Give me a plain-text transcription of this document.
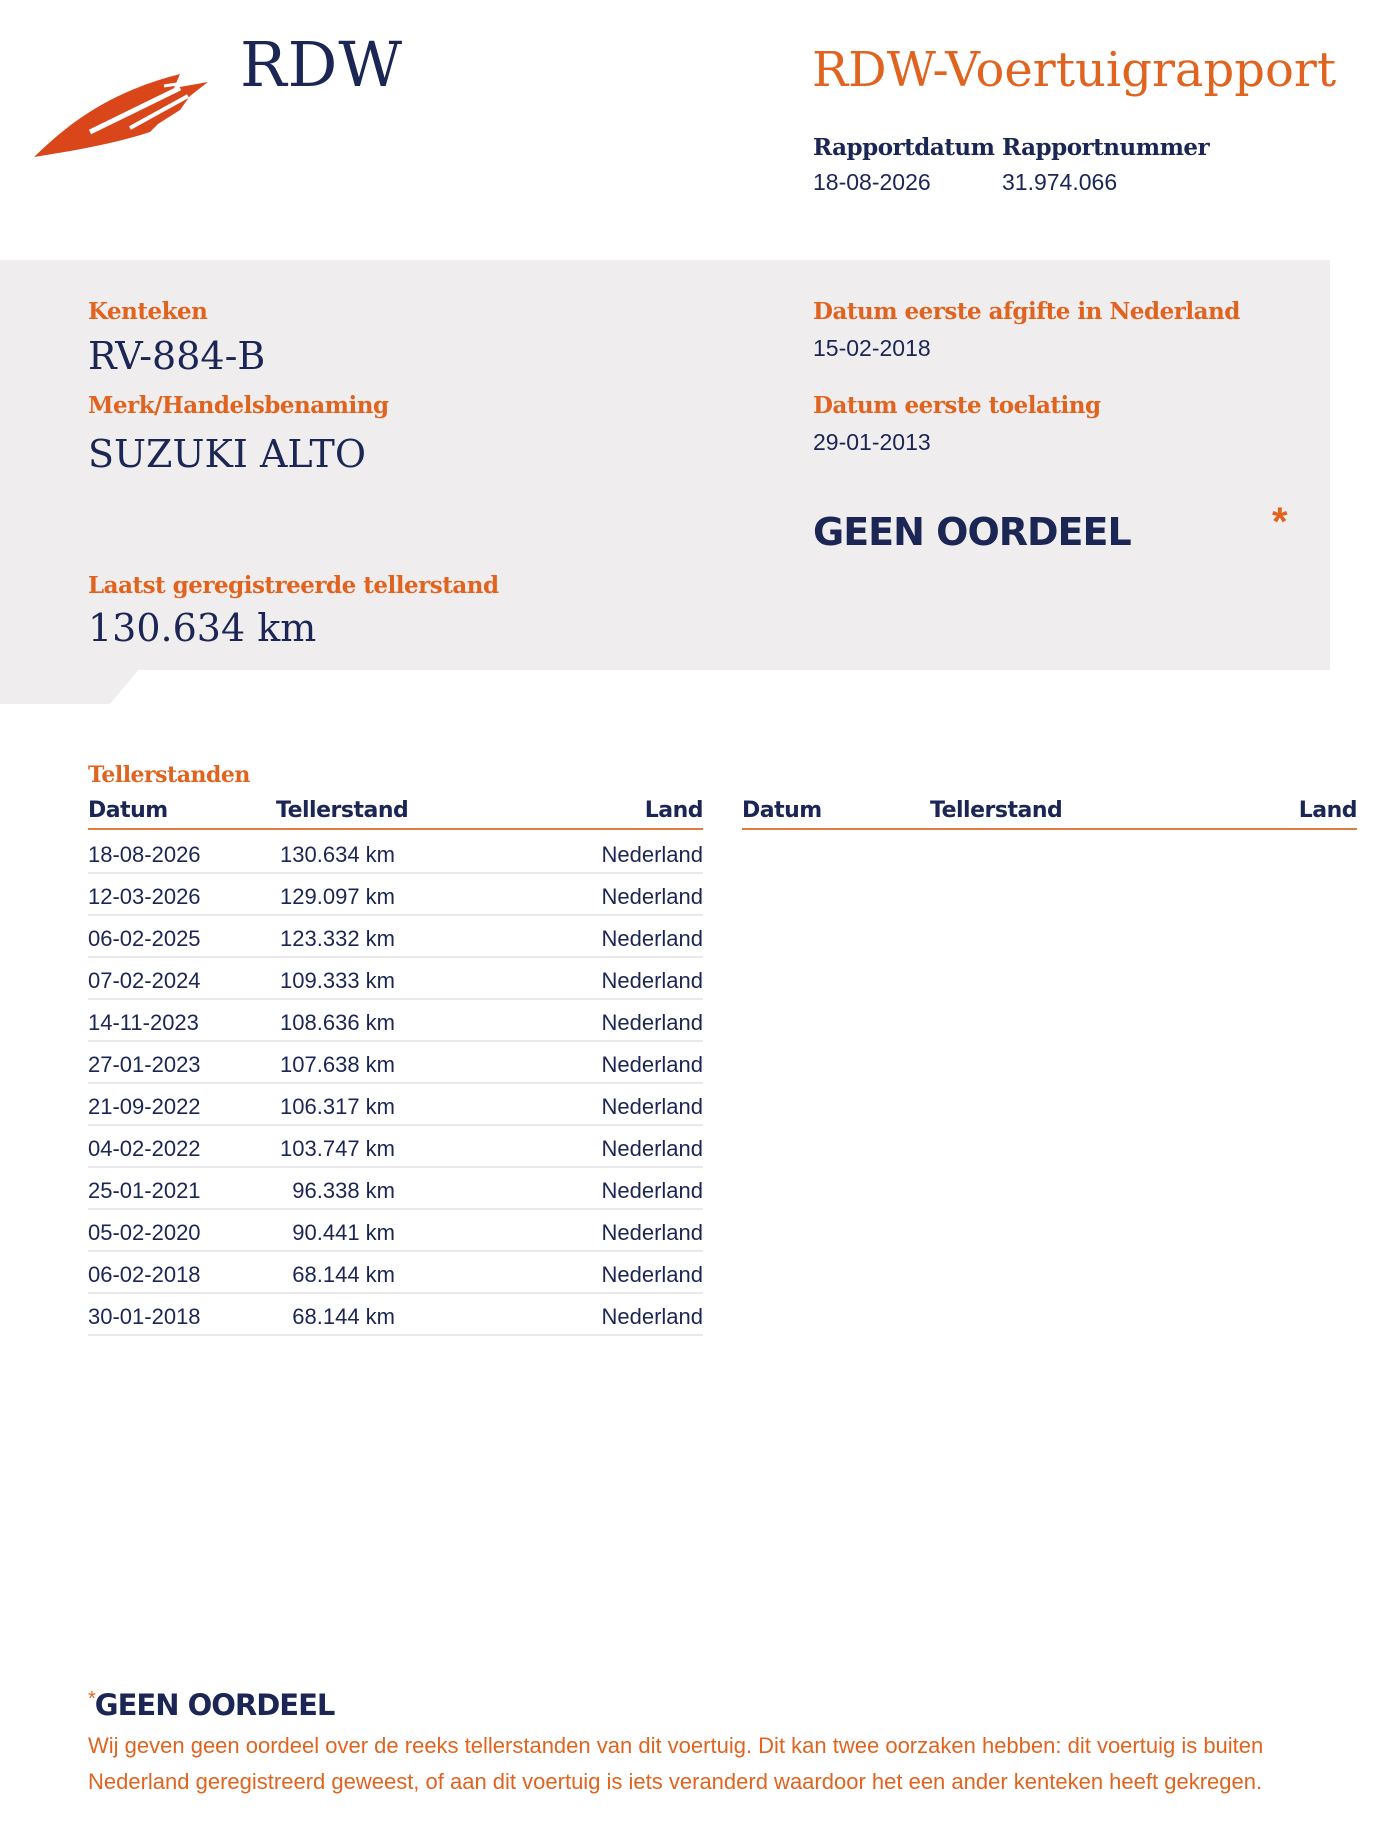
RDW	RDW-Voertuigrapport
Rapportdatum
18-08-2026
Rapportnummer
31.974.066
Kenteken
RV-884-B
Merk/Handelsbenaming
SUZUKI ALTO
Laatst geregistreerde tellerstand
130.634 km
Datum eerste afgifte in Nederland
15-02-2018
Datum eerste toelating
29-01-2013
GEEN OORDEEL	*
Tellerstanden
Datum	Tellerstand	Land Datum	Tellerstand	Land
18-08-2026	130.634 km	Nederland
12-03-2026	129.097 km	Nederland
06-02-2025	123.332 km	Nederland
07-02-2024	109.333 km	Nederland
14-11-2023	108.636 km	Nederland
27-01-2023	107.638 km	Nederland
21-09-2022	106.317 km	Nederland
04-02-2022	103.747 km	Nederland
25-01-2021	96.338 km	Nederland
05-02-2020	90.441 km	Nederland
06-02-2018	68.144 km	Nederland
30-01-2018	68.144 km	Nederland
*GEEN OORDEEL
Wij geven geen oordeel over de reeks tellerstanden van dit voertuig. Dit kan twee oorzaken hebben: dit voertuig is buiten Nederland geregistreerd geweest, of aan dit voertuig is iets veranderd waardoor het een ander kenteken heeft gekregen.
